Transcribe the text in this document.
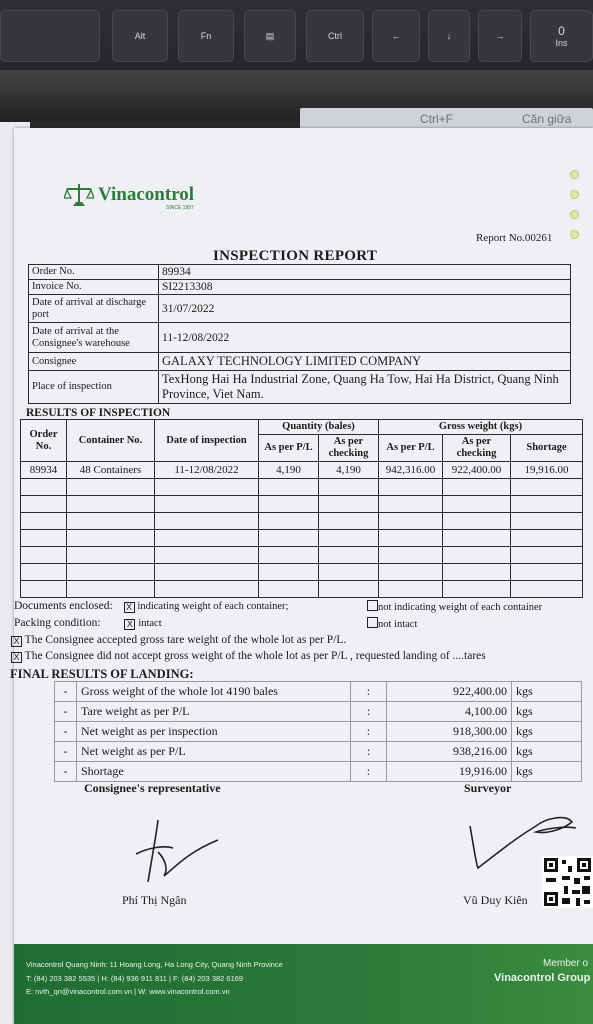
Alt	Fn	▤	Ctrl	←	↓	→	0
Ins
Ctrl+F	Căn giữa
Vinacontrol
SINCE 1957
Report No.00261
INSPECTION REPORT
Order No.	89934
Invoice No.	SI2213308
Date of arrival at discharge port	31/07/2022
Date of arrival at the Consignee's warehouse	11-12/08/2022
Consignee	GALAXY TECHNOLOGY LIMITED COMPANY
Place of inspection	TexHong Hai Ha Industrial Zone, Quang Ha Tow, Hai Ha District, Quang Ninh Province, Viet Nam.
RESULTS OF INSPECTION
Order No.	Container No.	Date of inspection	Quantity (bales)		Gross weight (kgs)		
			As per P/L	As per checking	As per P/L	As per checking	Shortage
89934	48 Containers	11-12/08/2022	4,190	4,190	942,316.00	922,400.00	19,916.00

Documents enclosed: X indicating weight of each container;	not indicating weight of each container
Packing condition:	X intact	not intact
X The Consignee accepted gross tare weight of the whole lot as per P/L.
X The Consignee did not accept gross weight of the whole lot as per P/L , requested landing of ....tares
FINAL RESULTS OF LANDING:
-	Gross weight of the whole lot 4190 bales	:	922,400.00	kgs
-	Tare weight as per P/L	:	4,100.00	kgs
-	Net weight as per inspection	:	918,300.00	kgs
-	Net weight as per P/L	:	938,216.00	kgs
-	Shortage	:	19,916.00	kgs
Consignee's representative	Surveyor
Phí Thị Ngân	Vũ Duy Kiên
Vinacontrol Quang Ninh: 11 Hoang Long, Ha Long City, Quang Ninh Province
T: (84) 203 382 5535 | H: (84) 936 911 811 | F: (84) 203 382 6169
E: nvth_qn@vinacontrol.com.vn | W: www.vinacontrol.com.vn
Member o
Vinacontrol Group
